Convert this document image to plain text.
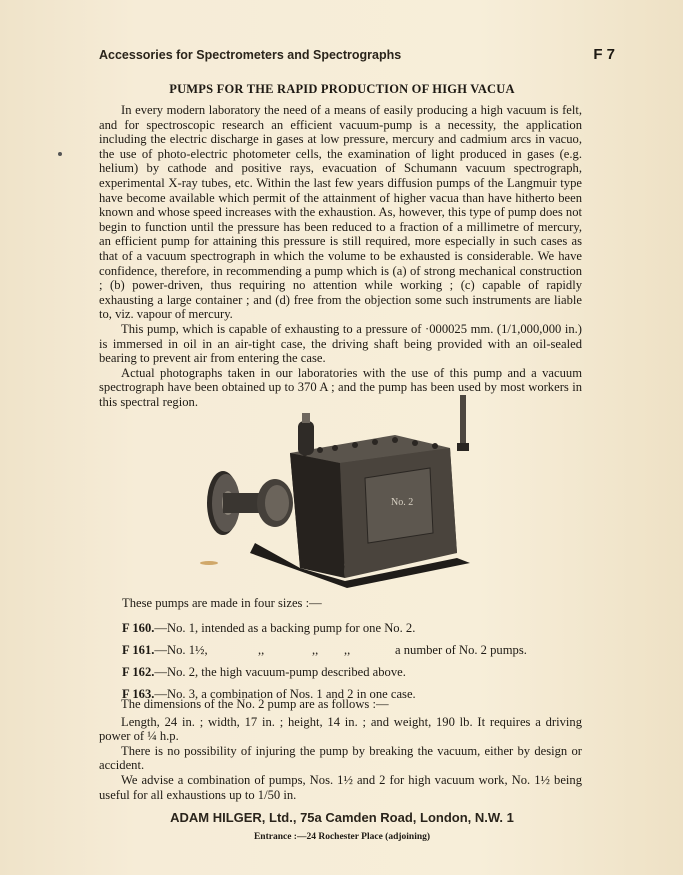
Accessories for Spectrometers and Spectrographs	F 7
PUMPS FOR THE RAPID PRODUCTION OF HIGH VACUA

In every modern laboratory the need of a means of easily producing a high vacuum is felt, and for spectroscopic research an efficient vacuum-pump is a necessity, the application including the electric discharge in gases at low pressure, mercury and cadmium arcs in vacuo, the use of photo-electric photometer cells, the examination of light produced in gases (e.g. helium) by cathode and positive rays, evacuation of Schumann vacuum spectrograph, experimental X-ray tubes, etc. Within the last few years diffusion pumps of the Langmuir type have become available which permit of the attainment of higher vacua than have hitherto been known and whose speed increases with the exhaustion. As, however, this type of pump does not begin to function until the pressure has been reduced to a fraction of a millimetre of mercury, an efficient pump for attaining this pressure is still required, more especially in such cases as that of a vacuum spectrograph in which the volume to be exhausted is considerable. We have confidence, therefore, in recommending a pump which is (a) of strong mechanical construction ; (b) power-driven, thus requiring no attention while working ; (c) capable of rapidly exhausting a large container ; and (d) free from the objection some such instruments are liable to, viz. vapour of mercury.

This pump, which is capable of exhausting to a pressure of ·000025 mm. (1/1,000,000 in.) is immersed in oil in an air-tight case, the driving shaft being provided with an oil-sealed bearing to prevent air from entering the case.

Actual photographs taken in our laboratories with the use of this pump and a vacuum spectrograph have been obtained up to 370 A ; and the pump has been used by most workers in this spectral region.

No. 2

These pumps are made in four sizes :—

F 160.—No. 1, intended as a backing pump for one No. 2.
F 161.—No. 1½,	,,	,, ,,	a number of No. 2 pumps.
F 162.—No. 2, the high vacuum-pump described above.
F 163.—No. 3, a combination of Nos. 1 and 2 in one case.

The dimensions of the No. 2 pump are as follows :—

Length, 24 in. ; width, 17 in. ; height, 14 in. ; and weight, 190 lb. It requires a driving power of ¼ h.p.

There is no possibility of injuring the pump by breaking the vacuum, either by design or accident.

We advise a combination of pumps, Nos. 1½ and 2 for high vacuum work, No. 1½ being useful for all exhaustions up to 1/50 in.

ADAM HILGER, Ltd., 75a Camden Road, London, N.W. 1
Entrance :—24 Rochester Place (adjoining)
